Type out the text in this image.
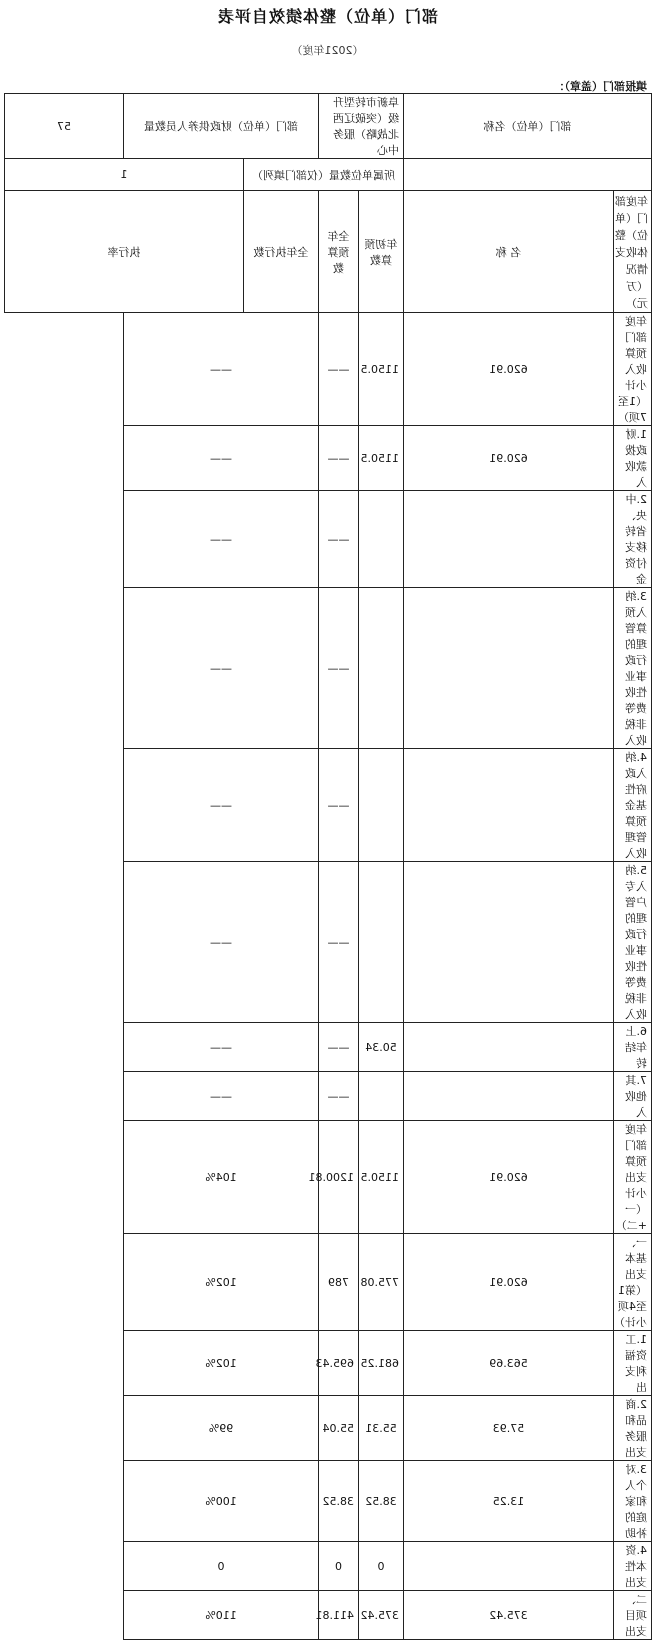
部门（单位）整体绩效自评表
（2021年度）
填报部门（盖章）：
部门（单位）名称		阜新市转型升级（突破辽西北战略）服务中心		部门（单位）财政供养人员数量		57
		所属单位数量（仅部门填列）			1	
年度部门（单位）整体收支情况（万元）	名 称	年初预算数	全年预算数	全年执行数	执行率	
年度部门预算收入小计（1至7项）	620.91	1150.5	——	——		
1.财政拨款收入	620.91	1150.5	——	——		
2.中央、省转移支付资金			——	——		
3.纳入预算管理的行政事业性收费等非税收入			——	——		
4.纳入政府性基金预算管理收入			——	——		
5.纳入专户管理的行政事业性收费等非税收入			——	——		
6.上年结转		50.34	——	——		
7.其他收入			——	——		
年度部门预算支出小计（一+二）	620.91	1150.5	1200.81	104%		
一、基本支出（第1至4项小计）	620.91	775.08	789	102%		
1.工资福利支出	563.69	681.25	695.43	102%		
2.商品和服务支出	57.93	55.31	55.04	99%		
3.对个人和家庭的补助	13.25	38.52	38.52	100%		
4.资本性支出		0	0	0		
二、项目支出	375.42	375.42	411.81	110%		
